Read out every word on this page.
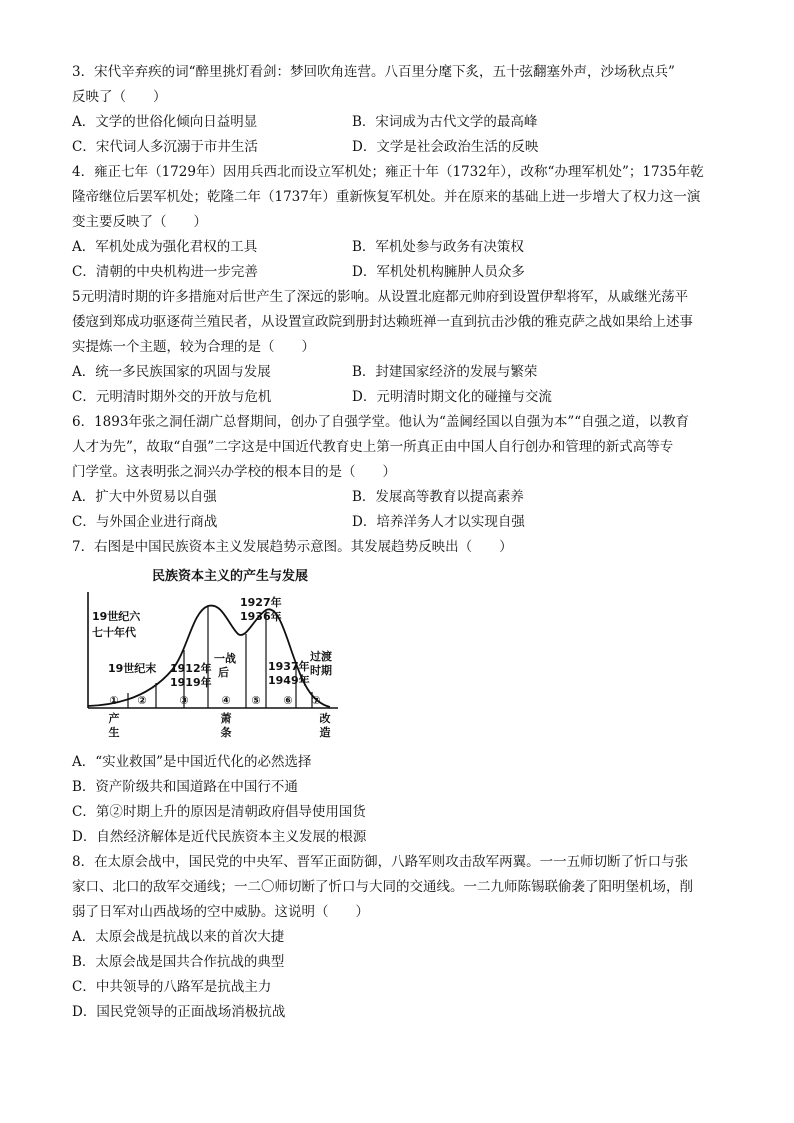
3．宋代辛弃疾的词“醉里挑灯看剑：梦回吹角连营。八百里分麾下炙，五十弦翻塞外声，沙场秋点兵”
反映了（　　）
A．文学的世俗化倾向日益明显	B．宋词成为古代文学的最高峰
C．宋代词人多沉溺于市井生活	D．文学是社会政治生活的反映
4．雍正七年（1729年）因用兵西北而设立军机处；雍正十年（1732年），改称“办理军机处”；1735年乾
隆帝继位后罢军机处；乾隆二年（1737年）重新恢复军机处。并在原来的基础上进一步增大了权力这一演
变主要反映了（　　）
A．军机处成为强化君权的工具	B．军机处参与政务有决策权
C．清朝的中央机构进一步完善	D．军机处机构臃肿人员众多
5元明清时期的许多措施对后世产生了深远的影响。从设置北庭都元帅府到设置伊犁将军，从戚继光荡平
倭寇到郑成功驱逐荷兰殖民者，从设置宣政院到册封达赖班禅一直到抗击沙俄的雅克萨之战如果给上述事
实提炼一个主题，较为合理的是（　　）
A．统一多民族国家的巩固与发展	B．封建国家经济的发展与繁荣
C．元明清时期外交的开放与危机	D．元明清时期文化的碰撞与交流
6．1893年张之洞任湖广总督期间，创办了自强学堂。他认为“盖阃经国以自强为本”“自强之道，以教育
人才为先”，故取“自强”二字这是中国近代教育史上第一所真正由中国人自行创办和管理的新式高等专
门学堂。这表明张之洞兴办学校的根本目的是（　　）
A．扩大中外贸易以自强	B．发展高等教育以提高素养
C．与外国企业进行商战	D．培养洋务人才以实现自强
7．右图是中国民族资本主义发展趋势示意图。其发展趋势反映出（　　）
民族资本主义的产生与发展
19世纪六
七十年代
19世纪末 1912年
1919年
一战
后
1927年
1936年
1937年
1949年
过渡
时期
① ②	③	④ ⑤ ⑥ ⑦
产
生
萧
条
改
造
A．“实业救国”是中国近代化的必然选择
B．资产阶级共和国道路在中国行不通
C．第②时期上升的原因是清朝政府倡导使用国货
D．自然经济解体是近代民族资本主义发展的根源
8．在太原会战中，国民党的中央军、晋军正面防御，八路军则攻击敌军两翼。一一五师切断了忻口与张
家口、北口的敌军交通线；一二〇师切断了忻口与大同的交通线。一二九师陈锡联偷袭了阳明堡机场，削
弱了日军对山西战场的空中威胁。这说明（　　）
A．太原会战是抗战以来的首次大捷
B．太原会战是国共合作抗战的典型
C．中共领导的八路军是抗战主力
D．国民党领导的正面战场消极抗战
